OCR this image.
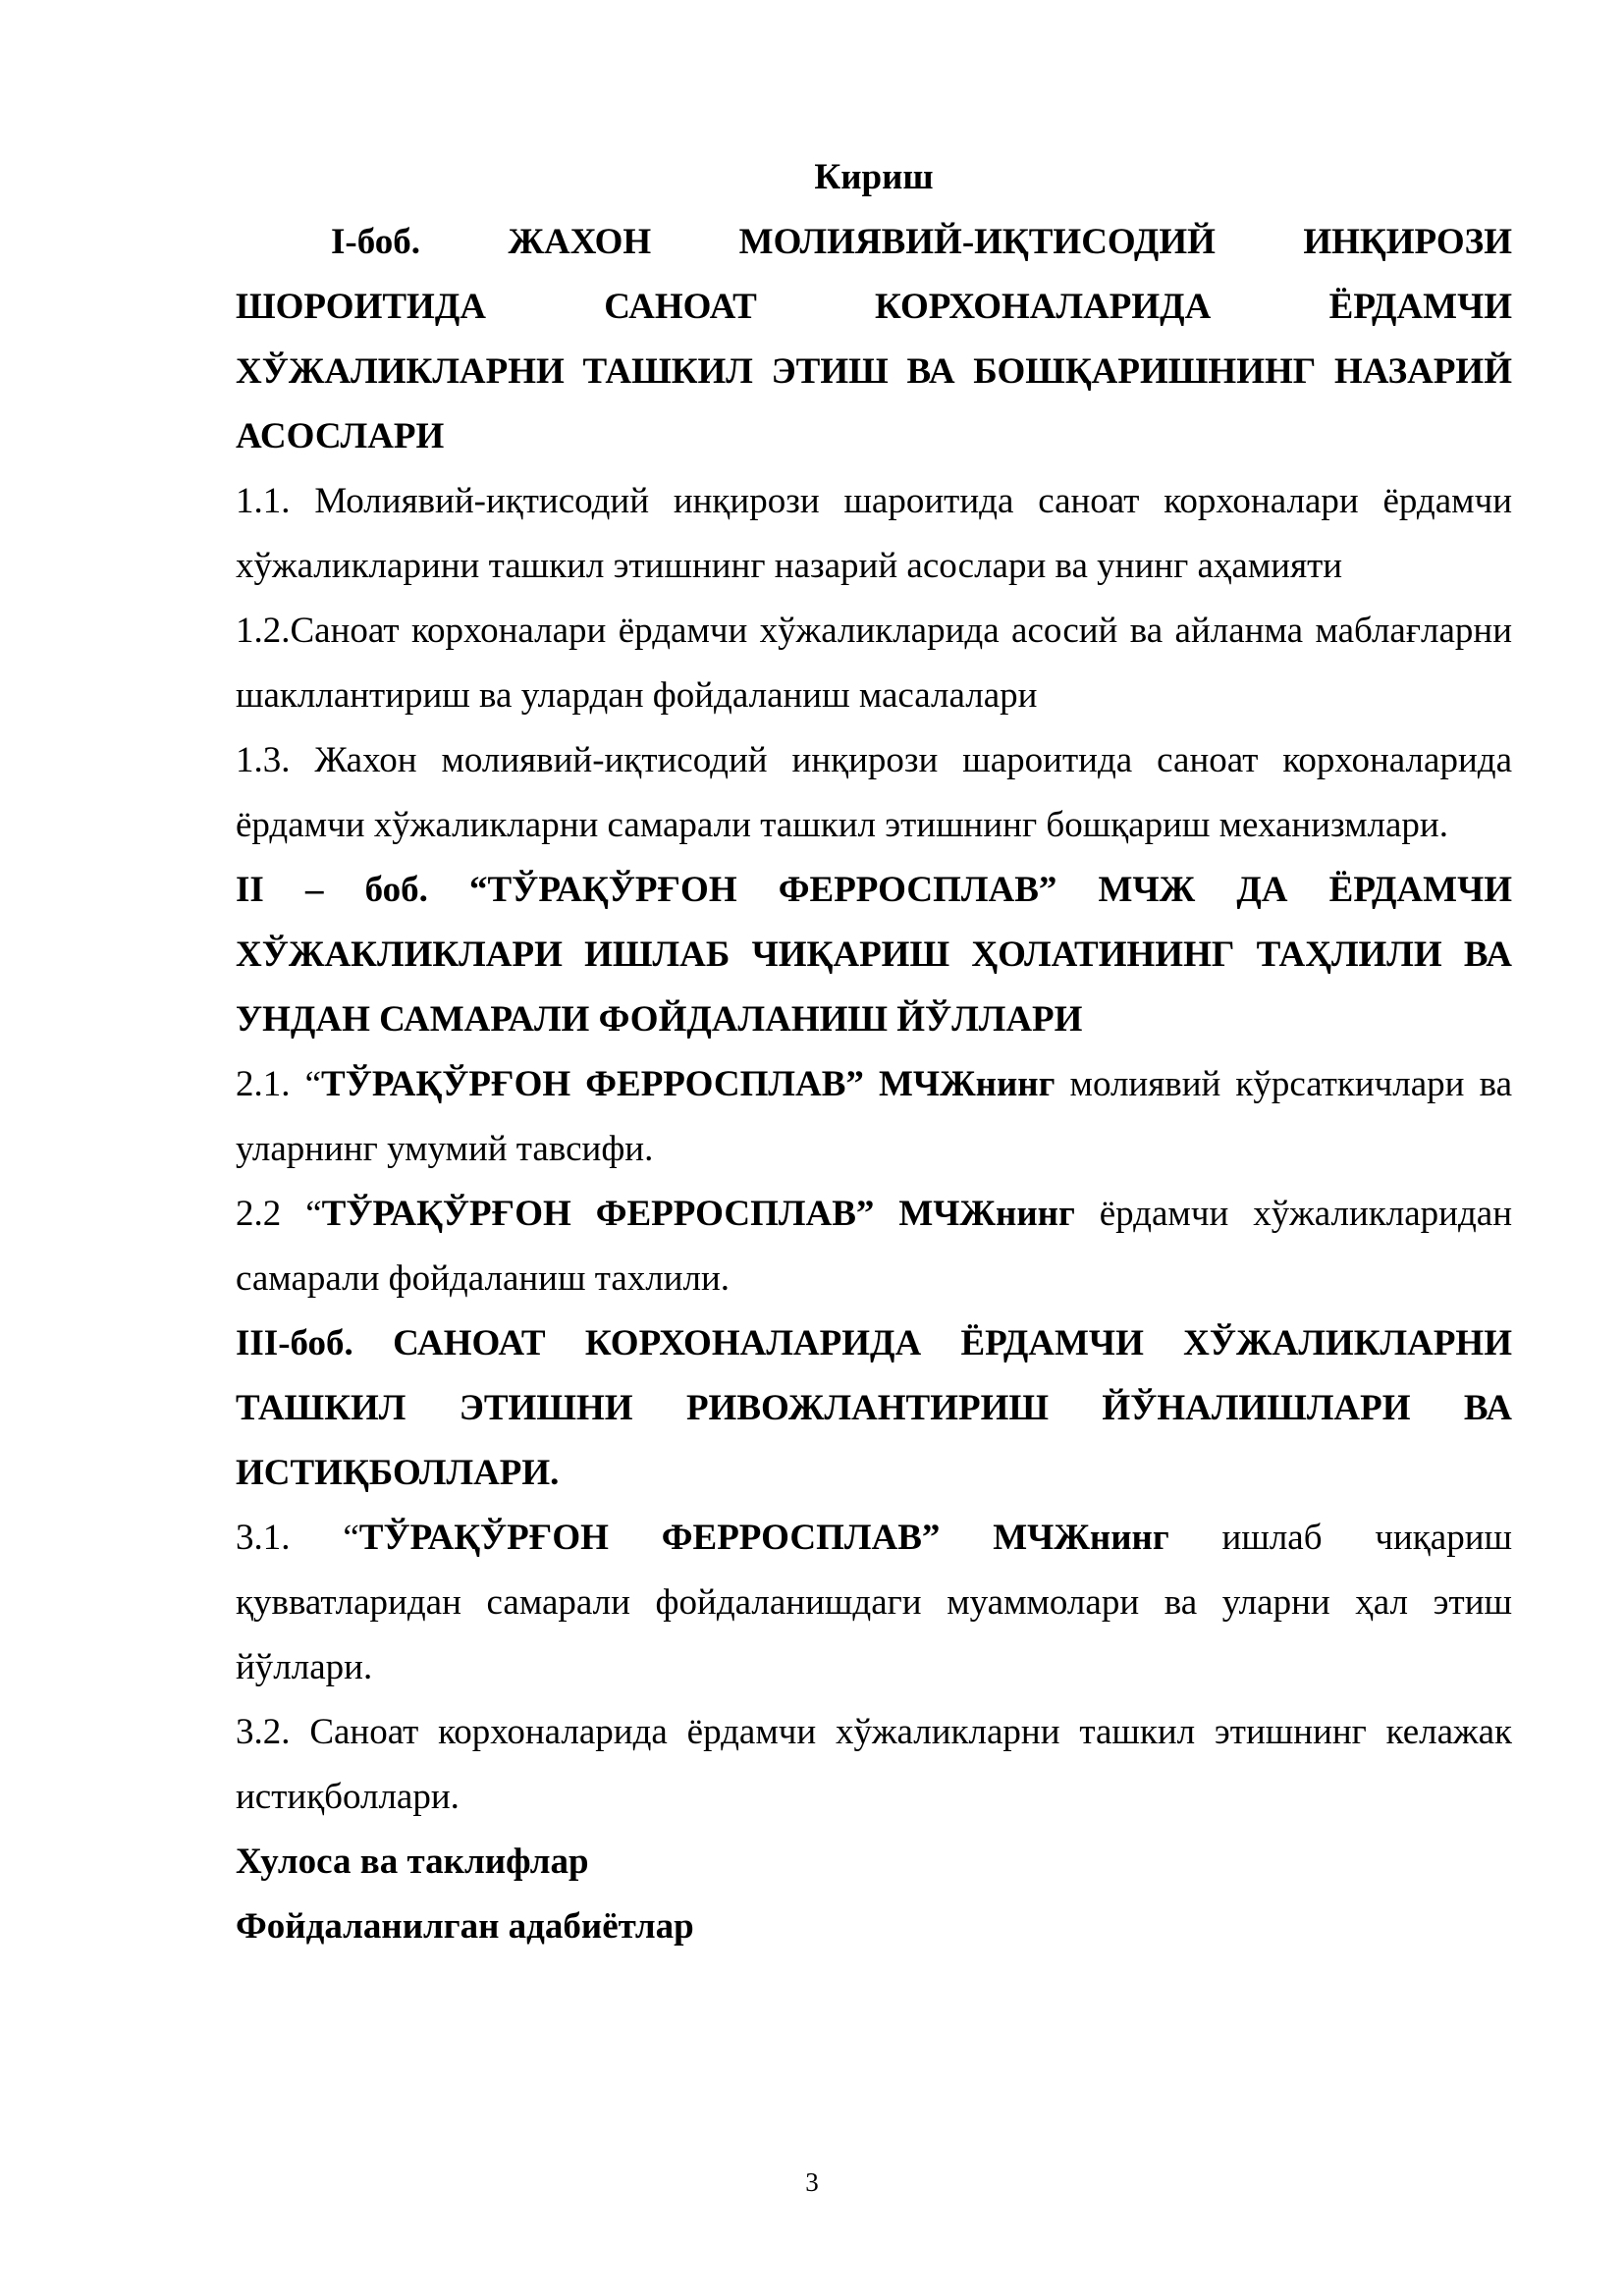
Кириш

I-боб. ЖАХОН МОЛИЯВИЙ-ИҚТИСОДИЙ ИНҚИРОЗИ ШОРОИТИДА САНОАТ КОРХОНАЛАРИДА ЁРДАМЧИ ХЎЖАЛИКЛАРНИ ТАШКИЛ ЭТИШ ВА БОШҚАРИШНИНГ НАЗАРИЙ АСОСЛАРИ

1.1. Молиявий-иқтисодий инқирози шароитида саноат корхоналари ёрдамчи хўжаликларини ташкил этишнинг назарий асослари ва унинг аҳамияти

1.2.Саноат корхоналари ёрдамчи хўжаликларида асосий ва айланма маблағларни шакллантириш ва улардан фойдаланиш масалалари

1.3. Жахон молиявий-иқтисодий инқирози шароитида саноат корхоналарида ёрдамчи хўжаликларни самарали ташкил этишнинг бошқариш механизмлари.

II – боб. “ТЎРАҚЎРҒОН ФЕРРОСПЛАВ” МЧЖ ДА ЁРДАМЧИ ХЎЖАКЛИКЛАРИ ИШЛАБ ЧИҚАРИШ ҲОЛАТИНИНГ ТАҲЛИЛИ ВА УНДАН САМАРАЛИ ФОЙДАЛАНИШ ЙЎЛЛАРИ

2.1. “ТЎРАҚЎРҒОН ФЕРРОСПЛАВ” МЧЖнинг молиявий кўрсаткичлари ва уларнинг умумий тавсифи.

2.2 “ТЎРАҚЎРҒОН ФЕРРОСПЛАВ” МЧЖнинг ёрдамчи хўжаликларидан самарали фойдаланиш тахлили.

III-боб. САНОАТ КОРХОНАЛАРИДА ЁРДАМЧИ ХЎЖАЛИКЛАРНИ ТАШКИЛ ЭТИШНИ РИВОЖЛАНТИРИШ ЙЎНАЛИШЛАРИ ВА ИСТИҚБОЛЛАРИ.

3.1. “ТЎРАҚЎРҒОН ФЕРРОСПЛАВ” МЧЖнинг ишлаб чиқариш қувватларидан самарали фойдаланишдаги муаммолари ва уларни ҳал этиш йўллари.

3.2. Саноат корхоналарида ёрдамчи хўжаликларни ташкил этишнинг келажак истиқболлари.

Хулоса ва таклифлар

Фойдаланилган адабиётлар

3
